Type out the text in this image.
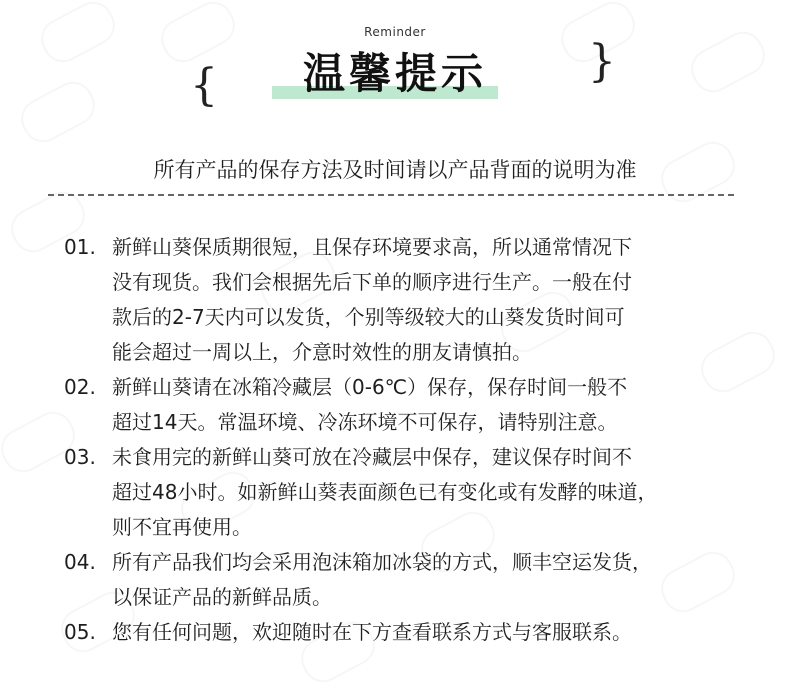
Reminder
{	}
温馨提示
所有产品的保存方法及时间请以产品背面的说明为准
01. 新鲜山葵保质期很短，且保存环境要求高，所以通常情况下
没有现货。我们会根据先后下单的顺序进行生产。一般在付
款后的2-7天内可以发货，个别等级较大的山葵发货时间可
能会超过一周以上，介意时效性的朋友请慎拍。
02. 新鲜山葵请在冰箱冷藏层（0-6℃）保存，保存时间一般不
超过14天。常温环境、冷冻环境不可保存，请特别注意。
03. 未食用完的新鲜山葵可放在冷藏层中保存，建议保存时间不
超过48小时。如新鲜山葵表面颜色已有变化或有发酵的味道，
则不宜再使用。
04. 所有产品我们均会采用泡沫箱加冰袋的方式，顺丰空运发货，
以保证产品的新鲜品质。
05. 您有任何问题，欢迎随时在下方查看联系方式与客服联系。
